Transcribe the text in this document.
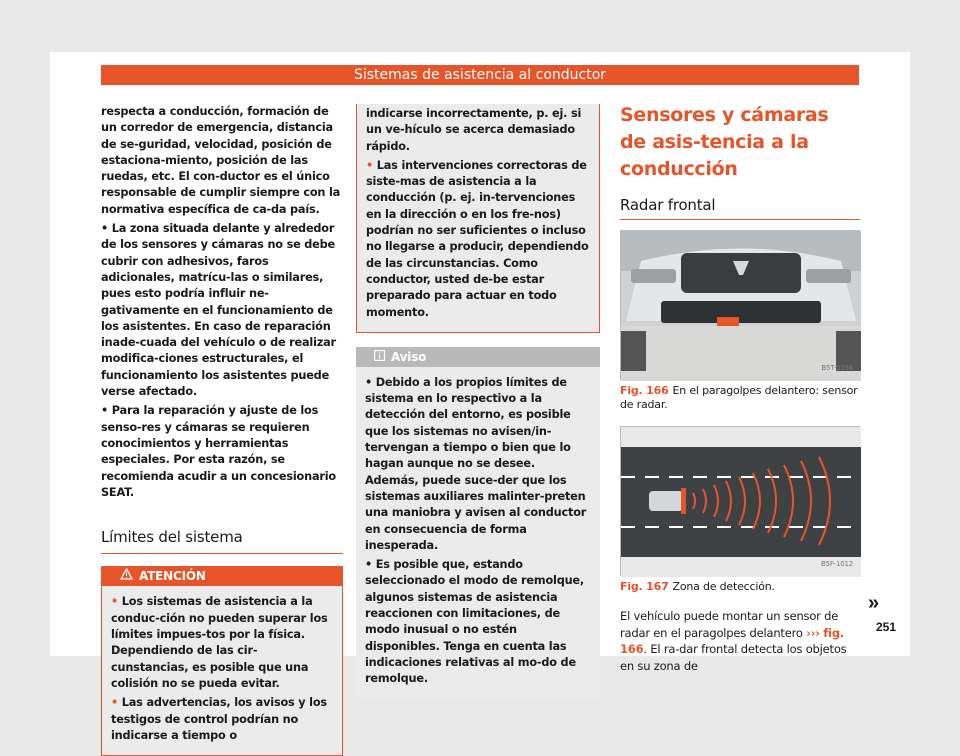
Sistemas de asistencia al conductor

respecta a conducción, formación de un corredor de emergencia, distancia de se-guridad, velocidad, posición de estaciona-miento, posición de las ruedas, etc. El con-ductor es el único responsable de cumplir siempre con la normativa específica de ca-da país.

• La zona situada delante y alrededor de los sensores y cámaras no se debe cubrir con adhesivos, faros adicionales, matrícu-las o similares, pues esto podría influir ne-gativamente en el funcionamiento de los asistentes. En caso de reparación inade-cuada del vehículo o de realizar modifica-ciones estructurales, el funcionamiento los asistentes puede verse afectado.

• Para la reparación y ajuste de los senso-res y cámaras se requieren conocimientos y herramientas especiales. Por esta razón, se recomienda acudir a un concesionario SEAT.

Límites del sistema
ATENCIÓN

• Los sistemas de asistencia a la conduc-ción no pueden superar los límites impues-tos por la física. Dependiendo de las cir-cunstancias, es posible que una colisión no se pueda evitar.

• Las advertencias, los avisos y los testigos de control podrían no indicarse a tiempo o

indicarse incorrectamente, p. ej. si un ve-hículo se acerca demasiado rápido.

• Las intervenciones correctoras de siste-mas de asistencia a la conducción (p. ej. in-tervenciones en la dirección o en los fre-nos) podrían no ser suficientes o incluso no llegarse a producir, dependiendo de las circunstancias. Como conductor, usted de-be estar preparado para actuar en todo momento.

Aviso

• Debido a los propios límites de sistema en lo respectivo a la detección del entorno, es posible que los sistemas no avisen/in-tervengan a tiempo o bien que lo hagan aunque no se desee. Además, puede suce-der que los sistemas auxiliares malinter-preten una maniobra y avisen al conductor en consecuencia de forma inesperada.

• Es posible que, estando seleccionado el modo de remolque, algunos sistemas de asistencia reaccionen con limitaciones, de modo inusual o no estén disponibles. Tenga en cuenta las indicaciones relativas al mo-do de remolque.

Sensores y cámaras de asis-tencia a la conducción
Radar frontal
B5T-0394
Fig. 166 En el paragolpes delantero: sensor de radar.
B5F-1012
Fig. 167 Zona de detección.

El vehículo puede montar un sensor de radar en el paragolpes delantero ››› fig. 166. El ra-dar frontal detecta los objetos en su zona de

»
251
